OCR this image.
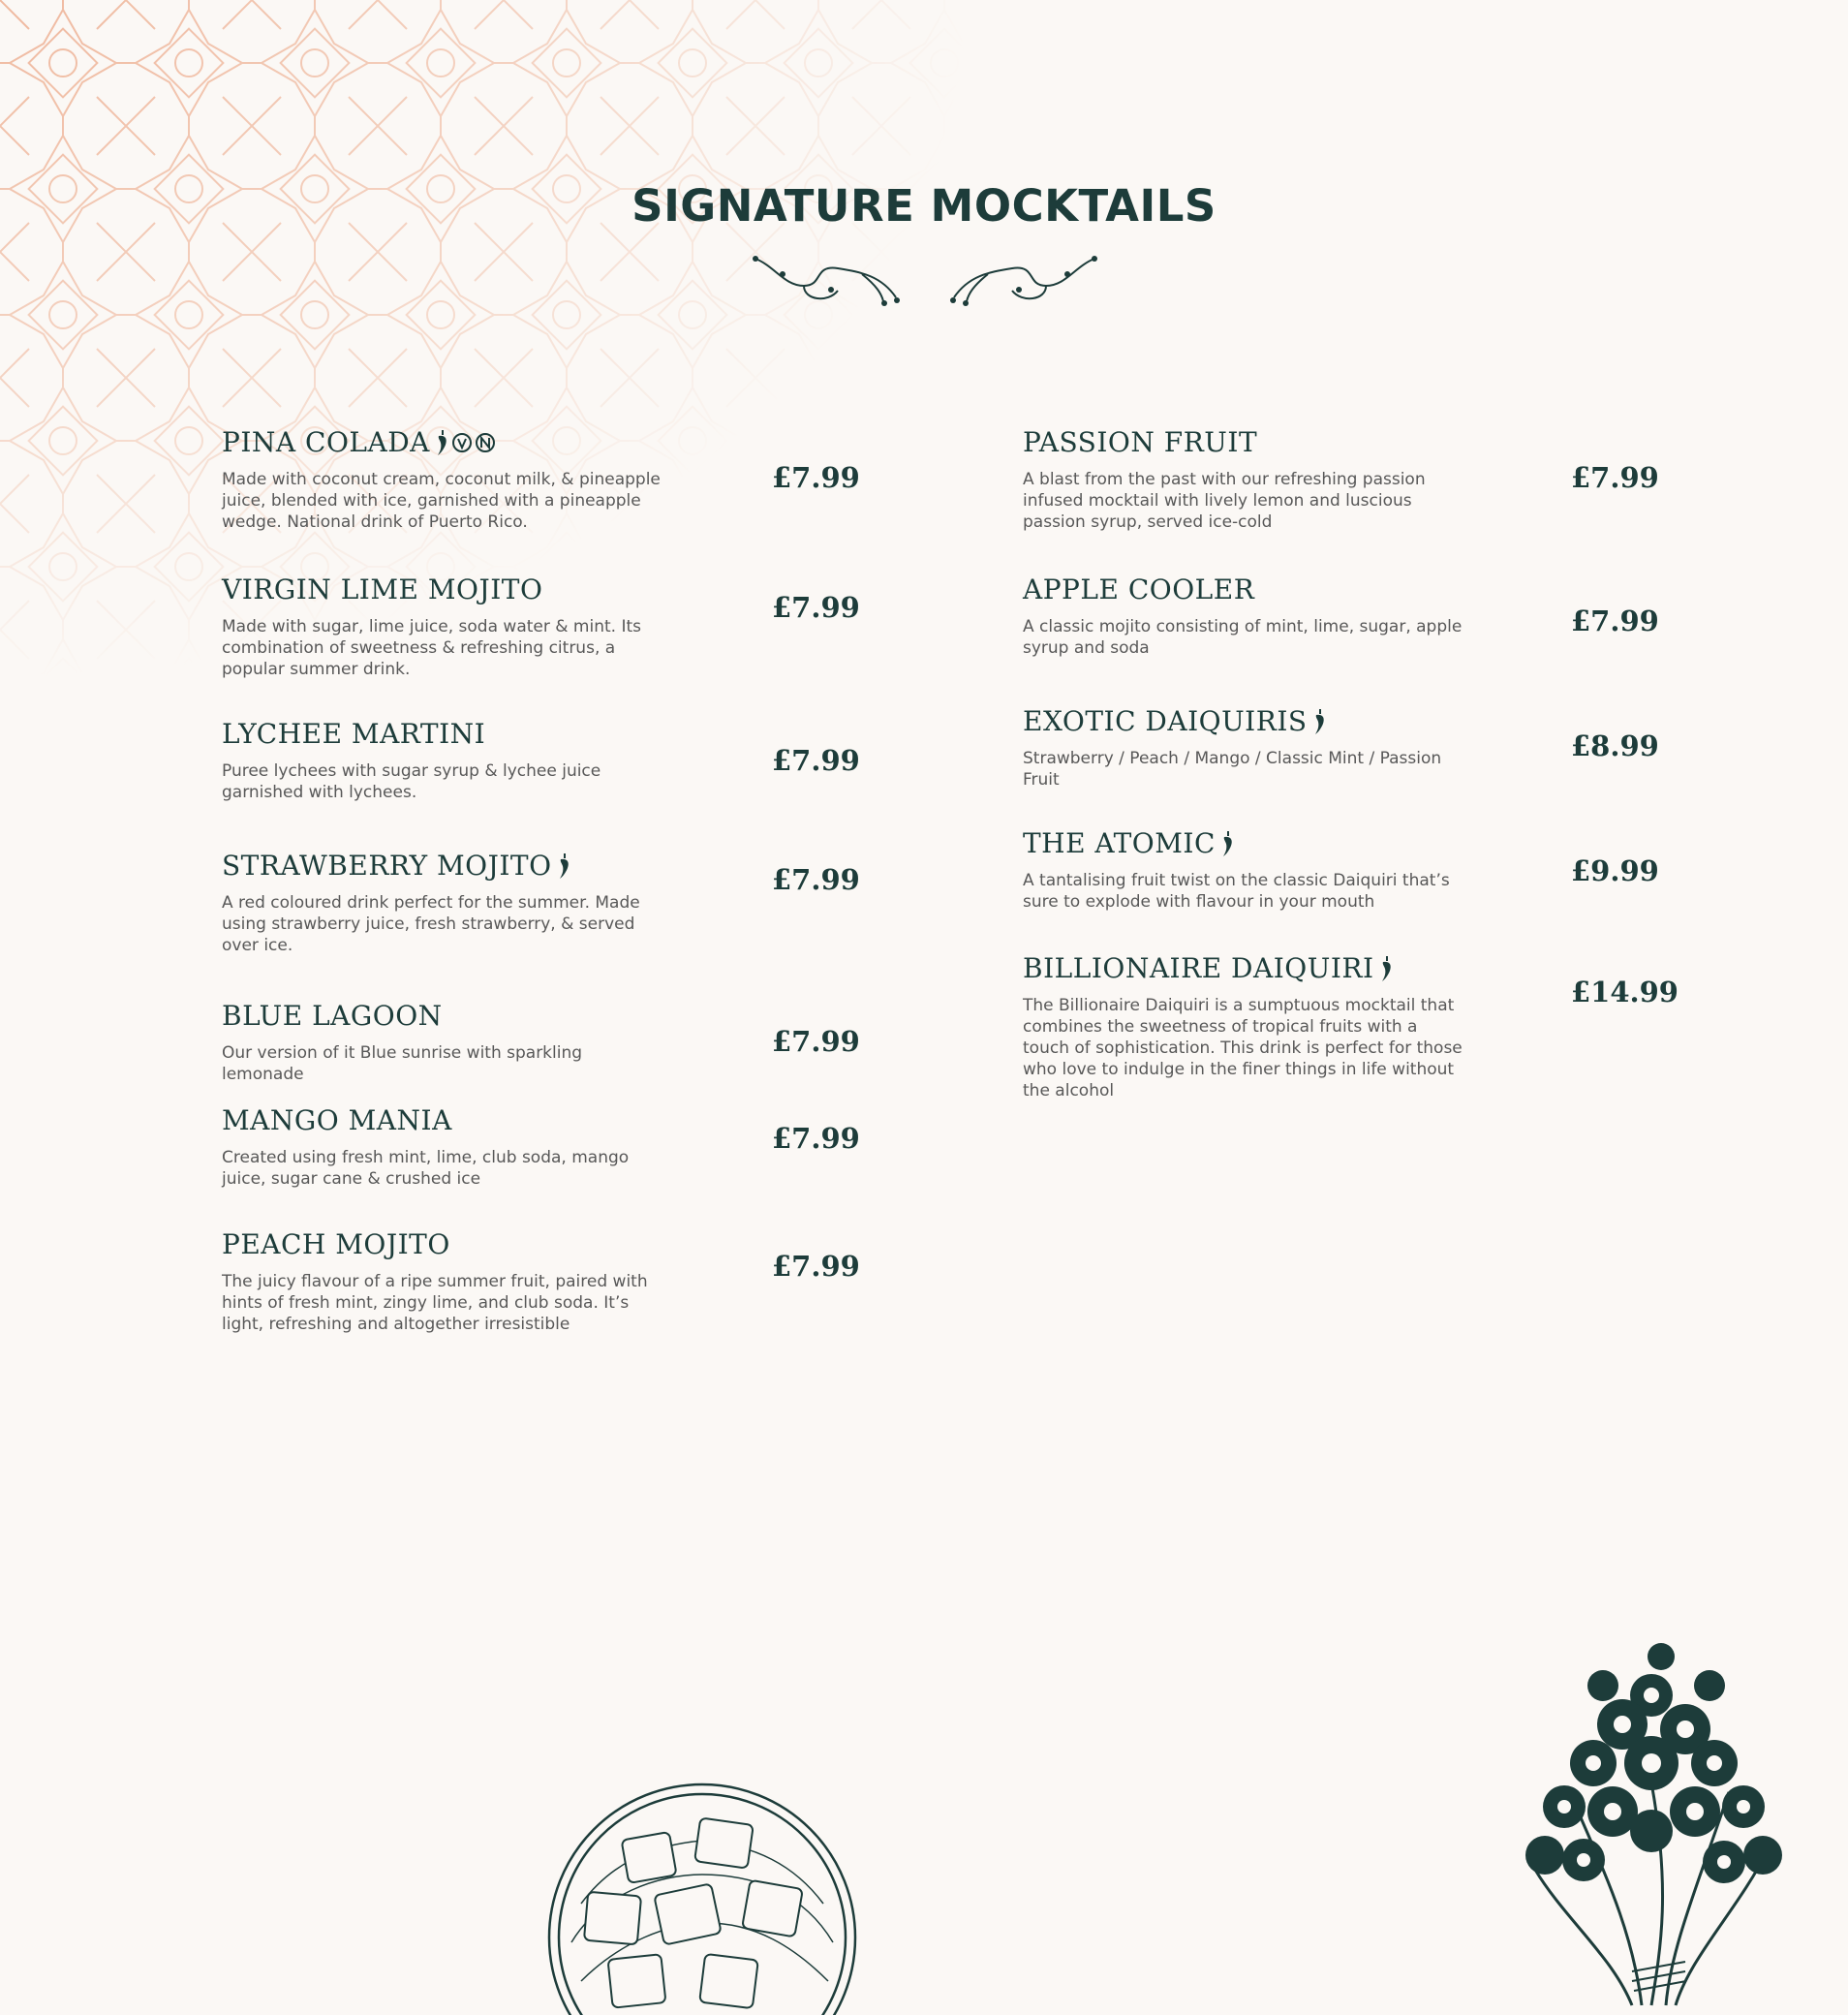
SIGNATURE MOCKTAILS
PINA COLADA
Made with coconut cream, coconut milk, & pineapple juice, blended with ice, garnished with a pineapple wedge. National drink of Puerto Rico.
£7.99
VIRGIN LIME MOJITO
Made with sugar, lime juice, soda water & mint. Its combination of sweetness & refreshing citrus, a popular summer drink.
£7.99
LYCHEE MARTINI
Puree lychees with sugar syrup & lychee juice garnished with lychees.
£7.99
STRAWBERRY MOJITO
A red coloured drink perfect for the summer. Made using strawberry juice, fresh strawberry, & served over ice.
£7.99
BLUE LAGOON
Our version of it Blue sunrise with sparkling lemonade
£7.99
MANGO MANIA
Created using fresh mint, lime, club soda, mango juice, sugar cane & crushed ice
£7.99
PEACH MOJITO
The juicy flavour of a ripe summer fruit, paired with hints of fresh mint, zingy lime, and club soda. It’s light, refreshing and altogether irresistible
£7.99
PASSION FRUIT
A blast from the past with our refreshing passion infused mocktail with lively lemon and luscious passion syrup, served ice-cold
£7.99
APPLE COOLER
A classic mojito consisting of mint, lime, sugar, apple syrup and soda
£7.99
EXOTIC DAIQUIRIS
Strawberry / Peach / Mango / Classic Mint / Passion Fruit
£8.99
THE ATOMIC
A tantalising fruit twist on the classic Daiquiri that’s sure to explode with flavour in your mouth
£9.99
BILLIONAIRE DAIQUIRI
The Billionaire Daiquiri is a sumptuous mocktail that combines the sweetness of tropical fruits with a touch of sophistication. This drink is perfect for those who love to indulge in the finer things in life without the alcohol
£14.99
